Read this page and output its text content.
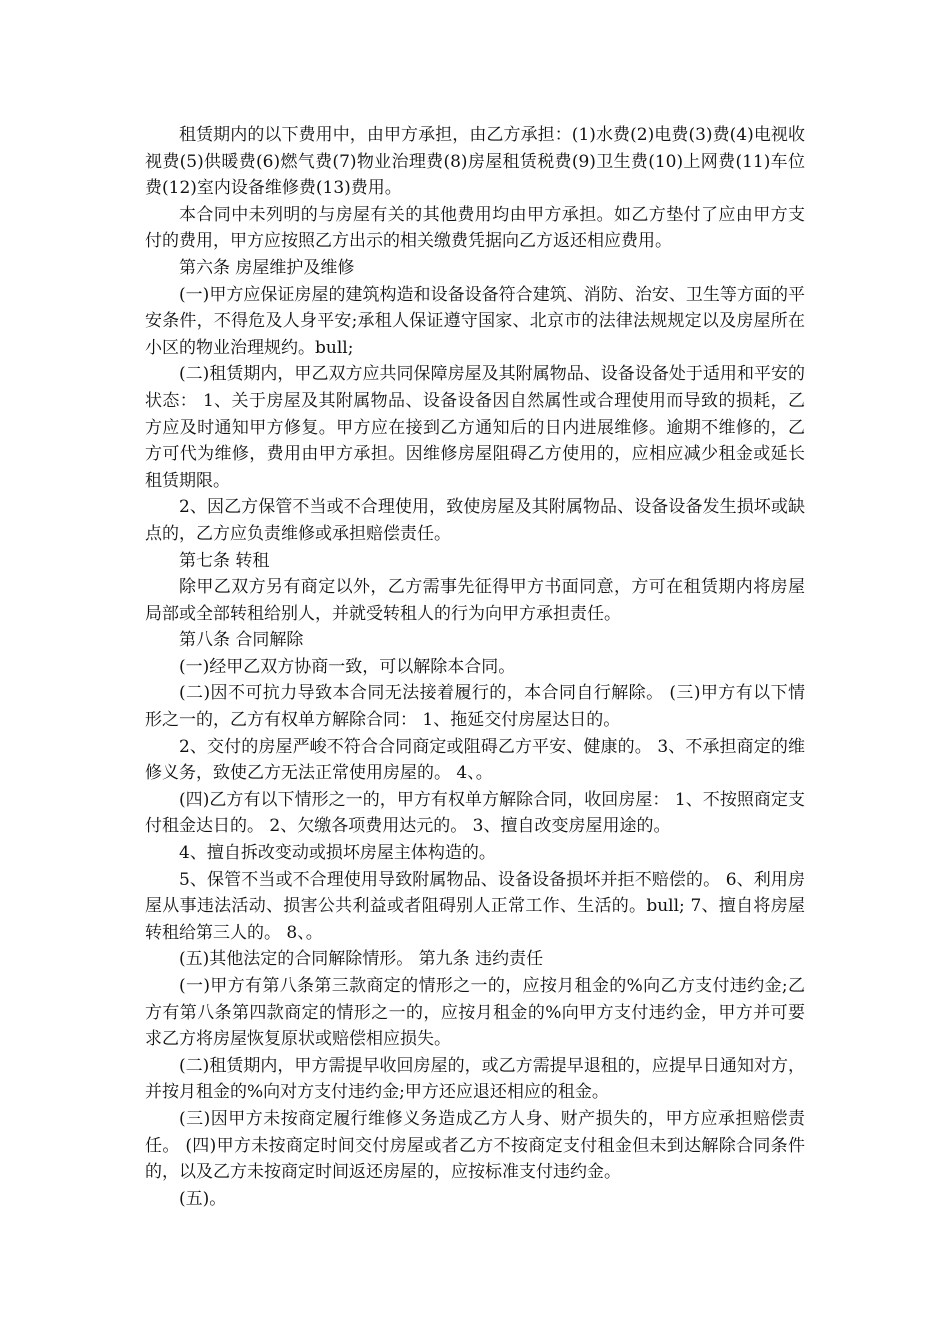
租赁期内的以下费用中，由甲方承担，由乙方承担：(1)水费(2)电费(3)费(4)电视收视费(5)供暖费(6)燃气费(7)物业治理费(8)房屋租赁税费(9)卫生费(10)上网费(11)车位费(12)室内设备维修费(13)费用。

本合同中未列明的与房屋有关的其他费用均由甲方承担。如乙方垫付了应由甲方支付的费用，甲方应按照乙方出示的相关缴费凭据向乙方返还相应费用。

第六条 房屋维护及维修

(一)甲方应保证房屋的建筑构造和设备设备符合建筑、消防、治安、卫生等方面的平安条件，不得危及人身平安;承租人保证遵守国家、北京市的法律法规规定以及房屋所在小区的物业治理规约。bull;

(二)租赁期内，甲乙双方应共同保障房屋及其附属物品、设备设备处于适用和平安的状态： 1、关于房屋及其附属物品、设备设备因自然属性或合理使用而导致的损耗，乙方应及时通知甲方修复。甲方应在接到乙方通知后的日内进展维修。逾期不维修的，乙方可代为维修，费用由甲方承担。因维修房屋阻碍乙方使用的，应相应减少租金或延长租赁期限。

2、因乙方保管不当或不合理使用，致使房屋及其附属物品、设备设备发生损坏或缺点的，乙方应负责维修或承担赔偿责任。

第七条 转租

除甲乙双方另有商定以外，乙方需事先征得甲方书面同意，方可在租赁期内将房屋局部或全部转租给别人，并就受转租人的行为向甲方承担责任。

第八条 合同解除

(一)经甲乙双方协商一致，可以解除本合同。

(二)因不可抗力导致本合同无法接着履行的，本合同自行解除。 (三)甲方有以下情形之一的，乙方有权单方解除合同： 1、拖延交付房屋达日的。

2、交付的房屋严峻不符合合同商定或阻碍乙方平安、健康的。 3、不承担商定的维修义务，致使乙方无法正常使用房屋的。 4、。

(四)乙方有以下情形之一的，甲方有权单方解除合同，收回房屋： 1、不按照商定支付租金达日的。 2、欠缴各项费用达元的。 3、擅自改变房屋用途的。

4、擅自拆改变动或损坏房屋主体构造的。

5、保管不当或不合理使用导致附属物品、设备设备损坏并拒不赔偿的。 6、利用房屋从事违法活动、损害公共利益或者阻碍别人正常工作、生活的。bull; 7、擅自将房屋转租给第三人的。 8、。

(五)其他法定的合同解除情形。 第九条 违约责任

(一)甲方有第八条第三款商定的情形之一的，应按月租金的%向乙方支付违约金;乙方有第八条第四款商定的情形之一的，应按月租金的%向甲方支付违约金，甲方并可要求乙方将房屋恢复原状或赔偿相应损失。

(二)租赁期内，甲方需提早收回房屋的，或乙方需提早退租的，应提早日通知对方，并按月租金的%向对方支付违约金;甲方还应退还相应的租金。

(三)因甲方未按商定履行维修义务造成乙方人身、财产损失的，甲方应承担赔偿责任。 (四)甲方未按商定时间交付房屋或者乙方不按商定支付租金但未到达解除合同条件的，以及乙方未按商定时间返还房屋的，应按标准支付违约金。

(五)。
